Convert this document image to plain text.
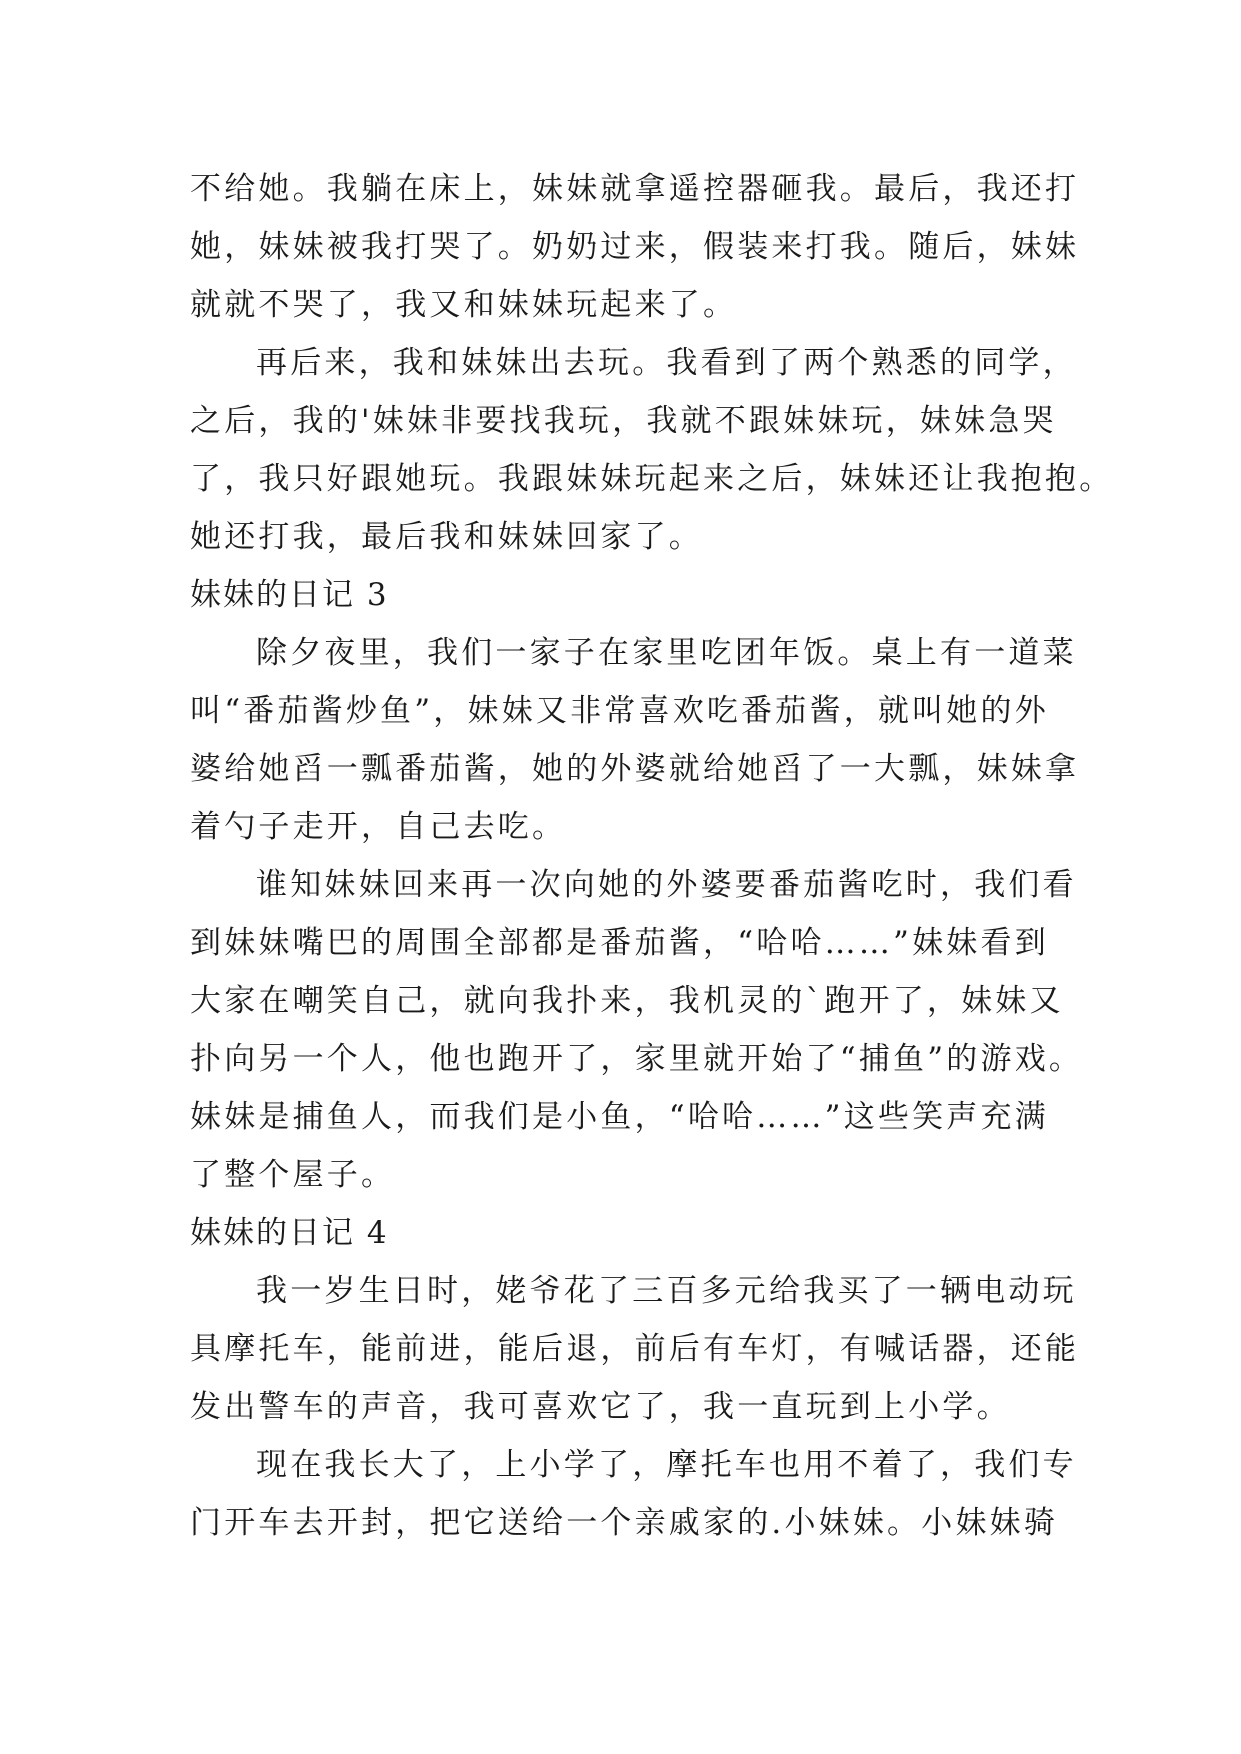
不给她。我躺在床上，妹妹就拿遥控器砸我。最后，我还打
她，妹妹被我打哭了。奶奶过来，假装来打我。随后，妹妹
就就不哭了，我又和妹妹玩起来了。
再后来，我和妹妹出去玩。我看到了两个熟悉的同学，
之后，我的'妹妹非要找我玩，我就不跟妹妹玩，妹妹急哭
了，我只好跟她玩。我跟妹妹玩起来之后，妹妹还让我抱抱。
她还打我，最后我和妹妹回家了。
妹妹的日记 3
除夕夜里，我们一家子在家里吃团年饭。桌上有一道菜
叫“番茄酱炒鱼”，妹妹又非常喜欢吃番茄酱，就叫她的外
婆给她舀一瓢番茄酱，她的外婆就给她舀了一大瓢，妹妹拿
着勺子走开，自己去吃。
谁知妹妹回来再一次向她的外婆要番茄酱吃时，我们看
到妹妹嘴巴的周围全部都是番茄酱，“哈哈……”妹妹看到
大家在嘲笑自己，就向我扑来，我机灵的`跑开了，妹妹又
扑向另一个人，他也跑开了，家里就开始了“捕鱼”的游戏。
妹妹是捕鱼人，而我们是小鱼，“哈哈……”这些笑声充满
了整个屋子。
妹妹的日记 4
我一岁生日时，姥爷花了三百多元给我买了一辆电动玩
具摩托车，能前进，能后退，前后有车灯，有喊话器，还能
发出警车的声音，我可喜欢它了，我一直玩到上小学。
现在我长大了，上小学了，摩托车也用不着了，我们专
门开车去开封，把它送给一个亲戚家的.小妹妹。小妹妹骑
